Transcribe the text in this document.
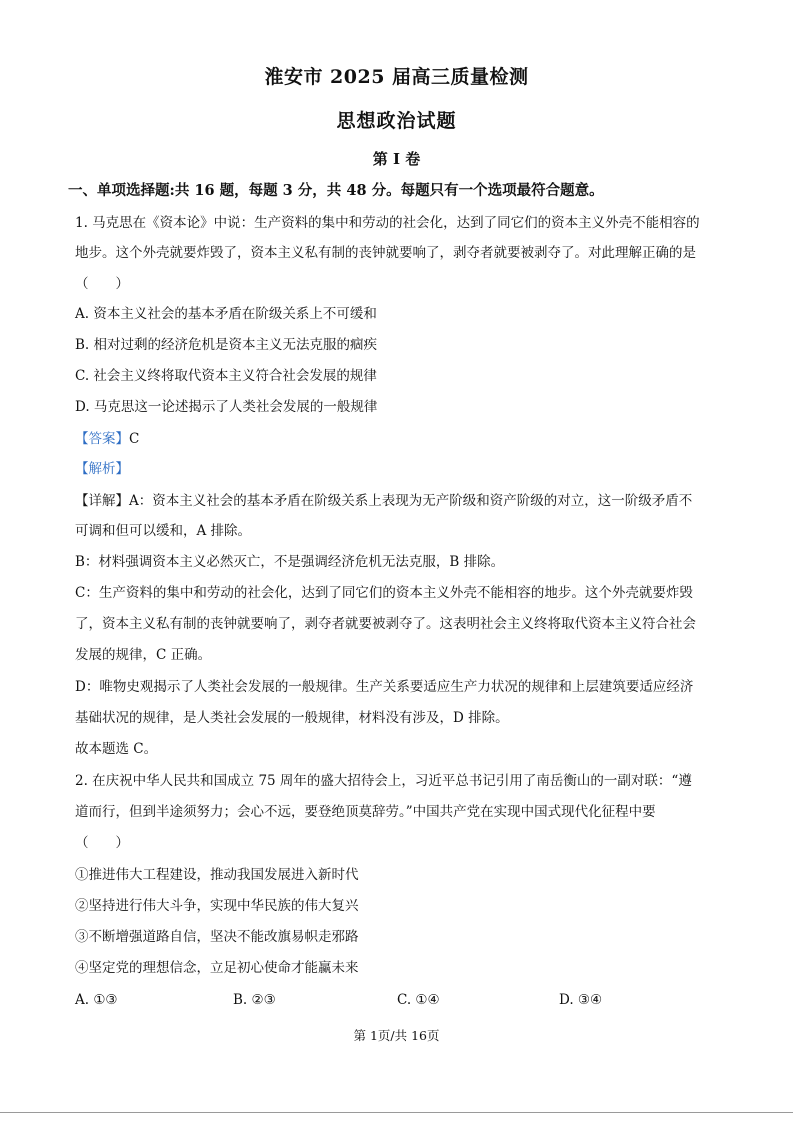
淮安市 2025 届高三质量检测
思想政治试题
第 I 卷
一、单项选择题:共 16 题，每题 3 分，共 48 分。每题只有一个选项最符合题意。
1. 马克思在《资本论》中说：生产资料的集中和劳动的社会化，达到了同它们的资本主义外壳不能相容的
地步。这个外壳就要炸毁了，资本主义私有制的丧钟就要响了，剥夺者就要被剥夺了。对此理解正确的是
（　　）
A. 资本主义社会的基本矛盾在阶级关系上不可缓和
B. 相对过剩的经济危机是资本主义无法克服的痼疾
C. 社会主义终将取代资本主义符合社会发展的规律
D. 马克思这一论述揭示了人类社会发展的一般规律
【答案】C
【解析】
【详解】A：资本主义社会的基本矛盾在阶级关系上表现为无产阶级和资产阶级的对立，这一阶级矛盾不
可调和但可以缓和，A 排除。
B：材料强调资本主义必然灭亡，不是强调经济危机无法克服，B 排除。
C：生产资料的集中和劳动的社会化，达到了同它们的资本主义外壳不能相容的地步。这个外壳就要炸毁
了，资本主义私有制的丧钟就要响了，剥夺者就要被剥夺了。这表明社会主义终将取代资本主义符合社会
发展的规律，C 正确。
D：唯物史观揭示了人类社会发展的一般规律。生产关系要适应生产力状况的规律和上层建筑要适应经济
基础状况的规律，是人类社会发展的一般规律，材料没有涉及，D 排除。
故本题选 C。
2. 在庆祝中华人民共和国成立 75 周年的盛大招待会上，习近平总书记引用了南岳衡山的一副对联：“遵
道而行，但到半途须努力；会心不远，要登绝顶莫辞劳。”中国共产党在实现中国式现代化征程中要
（　　）
①推进伟大工程建设，推动我国发展进入新时代
②坚持进行伟大斗争，实现中华民族的伟大复兴
③不断增强道路自信，坚决不能改旗易帜走邪路
④坚定党的理想信念，立足初心使命才能赢未来
A. ①③	B. ②③	C. ①④	D. ③④
第 1页/共 16页
